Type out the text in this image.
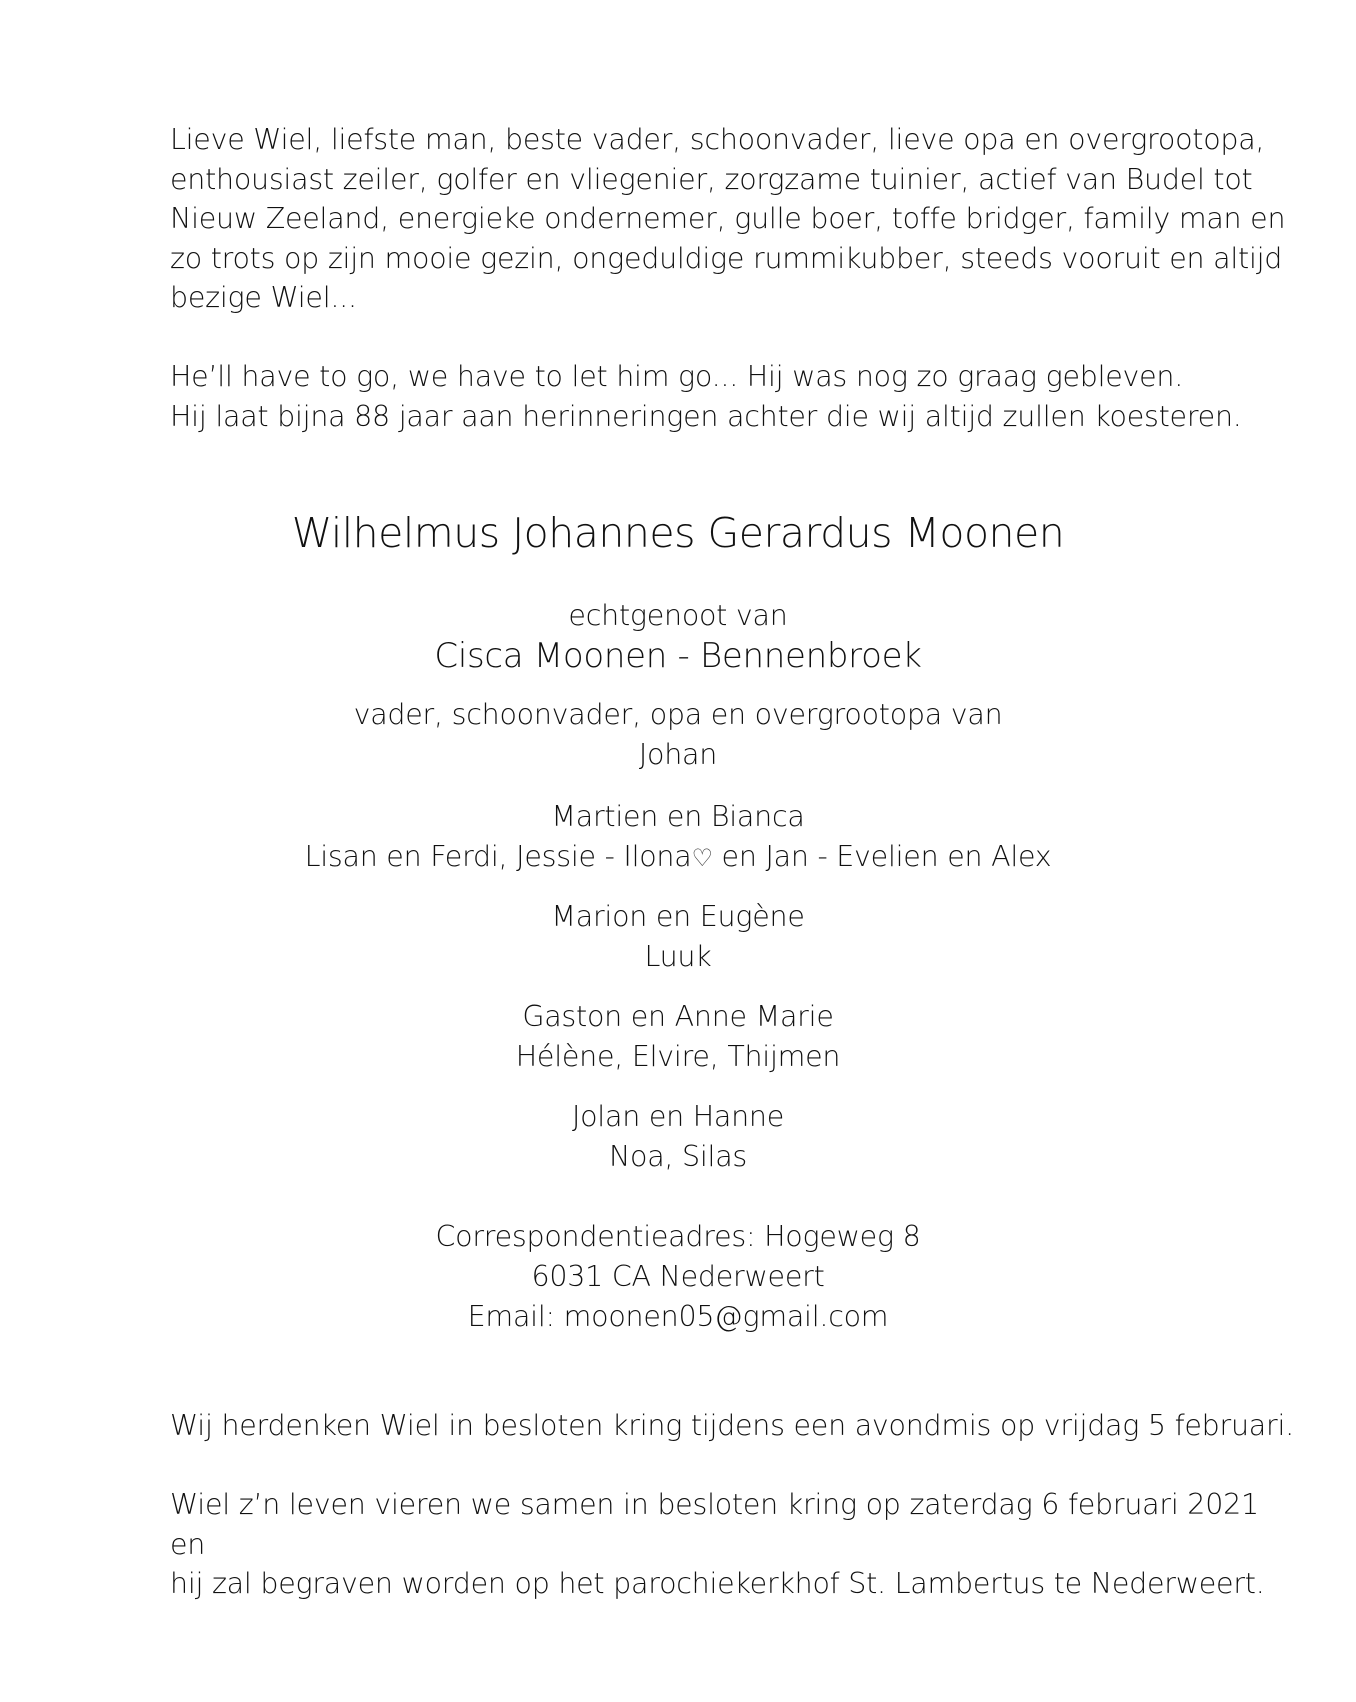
Lieve Wiel, liefste man, beste vader, schoonvader, lieve opa en overgrootopa, enthousiast zeiler, golfer en vliegenier, zorgzame tuinier, actief van Budel tot Nieuw Zeeland, energieke ondernemer, gulle boer, toffe bridger, family man en zo trots op zijn mooie gezin, ongeduldige rummikubber, steeds vooruit en altijd bezige Wiel...

He’ll have to go, we have to let him go... Hij was nog zo graag gebleven.

Hij laat bijna 88 jaar aan herinneringen achter die wij altijd zullen koesteren.

Wilhelmus Johannes Gerardus Moonen
echtgenoot van
Cisca Moonen - Bennenbroek
vader, schoonvader, opa en overgrootopa van
Johan
Martien en Bianca
Lisan en Ferdi, Jessie - Ilona♡ en Jan - Evelien en Alex
Marion en Eugène
Luuk
Gaston en Anne Marie
Hélène, Elvire, Thijmen
Jolan en Hanne
Noa, Silas
Correspondentieadres: Hogeweg 8
6031 CA Nederweert
Email: moonen05@gmail.com

Wij herdenken Wiel in besloten kring tijdens een avondmis op vrijdag 5 februari.

Wiel z’n leven vieren we samen in besloten kring op zaterdag 6 februari 2021 en

hij zal begraven worden op het parochiekerkhof St. Lambertus te Nederweert.
